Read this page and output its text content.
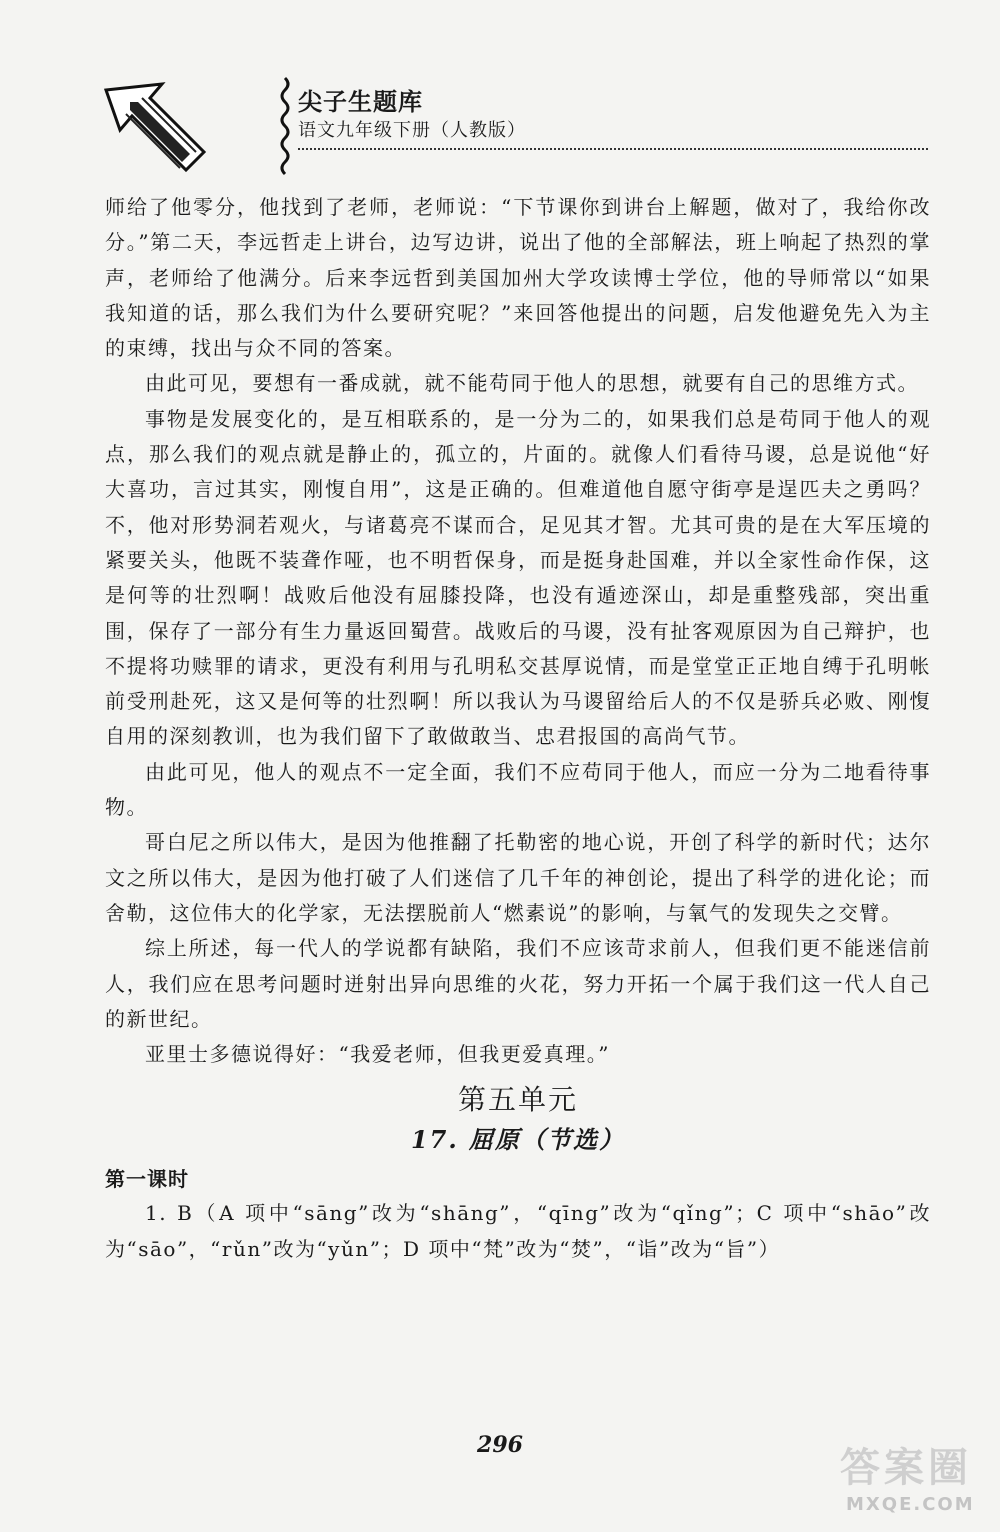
尖子生题库
语文九年级下册（人教版）

师给了他零分，他找到了老师，老师说：“下节课你到讲台上解题，做对了，我给你改分。”第二天，李远哲走上讲台，边写边讲，说出了他的全部解法，班上响起了热烈的掌声，老师给了他满分。后来李远哲到美国加州大学攻读博士学位，他的导师常以“如果我知道的话，那么我们为什么要研究呢？”来回答他提出的问题，启发他避免先入为主的束缚，找出与众不同的答案。

由此可见，要想有一番成就，就不能苟同于他人的思想，就要有自己的思维方式。

事物是发展变化的，是互相联系的，是一分为二的，如果我们总是苟同于他人的观点，那么我们的观点就是静止的，孤立的，片面的。就像人们看待马谡，总是说他“好大喜功，言过其实，刚愎自用”，这是正确的。但难道他自愿守街亭是逞匹夫之勇吗？不，他对形势洞若观火，与诸葛亮不谋而合，足见其才智。尤其可贵的是在大军压境的紧要关头，他既不装聋作哑，也不明哲保身，而是挺身赴国难，并以全家性命作保，这是何等的壮烈啊！战败后他没有屈膝投降，也没有遁迹深山，却是重整残部，突出重围，保存了一部分有生力量返回蜀营。战败后的马谡，没有扯客观原因为自己辩护，也不提将功赎罪的请求，更没有利用与孔明私交甚厚说情，而是堂堂正正地自缚于孔明帐前受刑赴死，这又是何等的壮烈啊！所以我认为马谡留给后人的不仅是骄兵必败、刚愎自用的深刻教训，也为我们留下了敢做敢当、忠君报国的高尚气节。

由此可见，他人的观点不一定全面，我们不应苟同于他人，而应一分为二地看待事物。

哥白尼之所以伟大，是因为他推翻了托勒密的地心说，开创了科学的新时代；达尔文之所以伟大，是因为他打破了人们迷信了几千年的神创论，提出了科学的进化论；而舍勒，这位伟大的化学家，无法摆脱前人“燃素说”的影响，与氧气的发现失之交臂。

综上所述，每一代人的学说都有缺陷，我们不应该苛求前人，但我们更不能迷信前人，我们应在思考问题时迸射出异向思维的火花，努力开拓一个属于我们这一代人自己的新世纪。

亚里士多德说得好：“我爱老师，但我更爱真理。”

第五单元
17. 屈原（节选）
第一课时

1. B（A 项中“sāng”改为“shāng”，“qīng”改为“qǐng”；C 项中“shāo”改为“sāo”，“rǔn”改为“yǔn”；D 项中“梵”改为“焚”，“诣”改为“旨”）

296	答案圈
MXQE.COM
